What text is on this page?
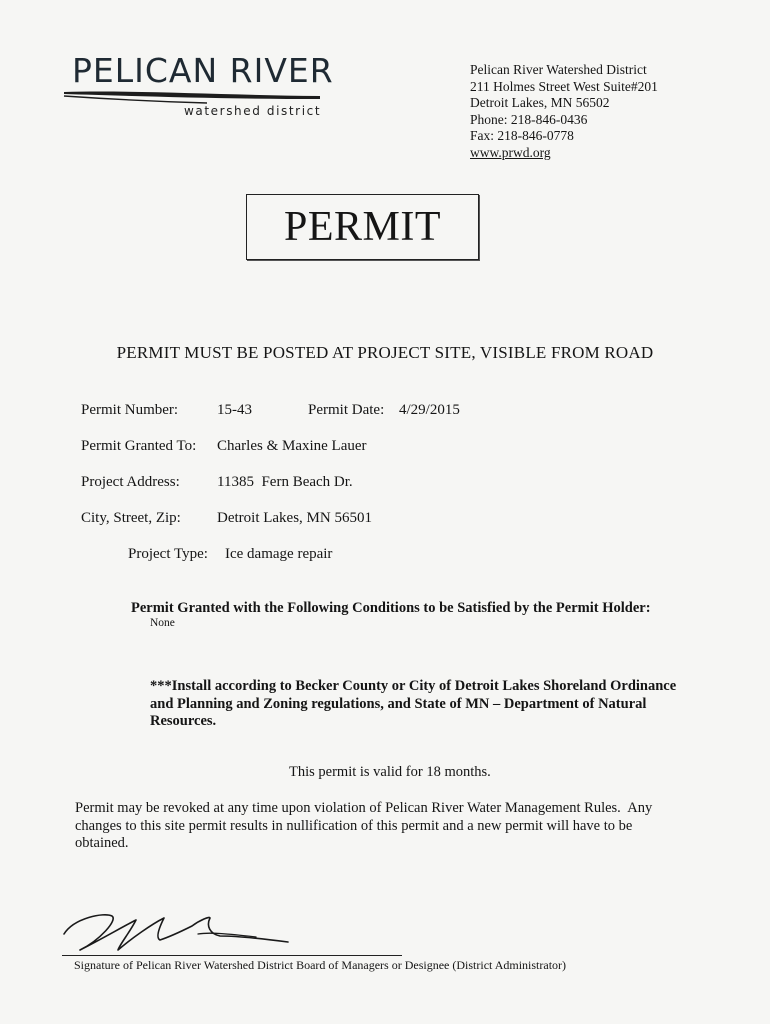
PELICAN RIVER
watershed district
Pelican River Watershed District
211 Holmes Street West Suite#201
Detroit Lakes, MN 56502
Phone: 218-846-0436
Fax: 218-846-0778
www.prwd.org
PERMIT
PERMIT MUST BE POSTED AT PROJECT SITE, VISIBLE FROM ROAD
Permit Number:	15-43	Permit Date: 4/29/2015
Permit Granted To: Charles & Maxine Lauer
Project Address: 11385  Fern Beach Dr.
City, Street, Zip: Detroit Lakes, MN 56501
Project Type: Ice damage repair
Permit Granted with the Following Conditions to be Satisfied by the Permit Holder:
None
***Install according to Becker County or City of Detroit Lakes Shoreland Ordinance
and Planning and Zoning regulations, and State of MN – Department of Natural
Resources.
This permit is valid for 18 months.
Permit may be revoked at any time upon violation of Pelican River Water Management Rules.  Any
changes to this site permit results in nullification of this permit and a new permit will have to be
obtained.
Signature of Pelican River Watershed District Board of Managers or Designee (District Administrator)
